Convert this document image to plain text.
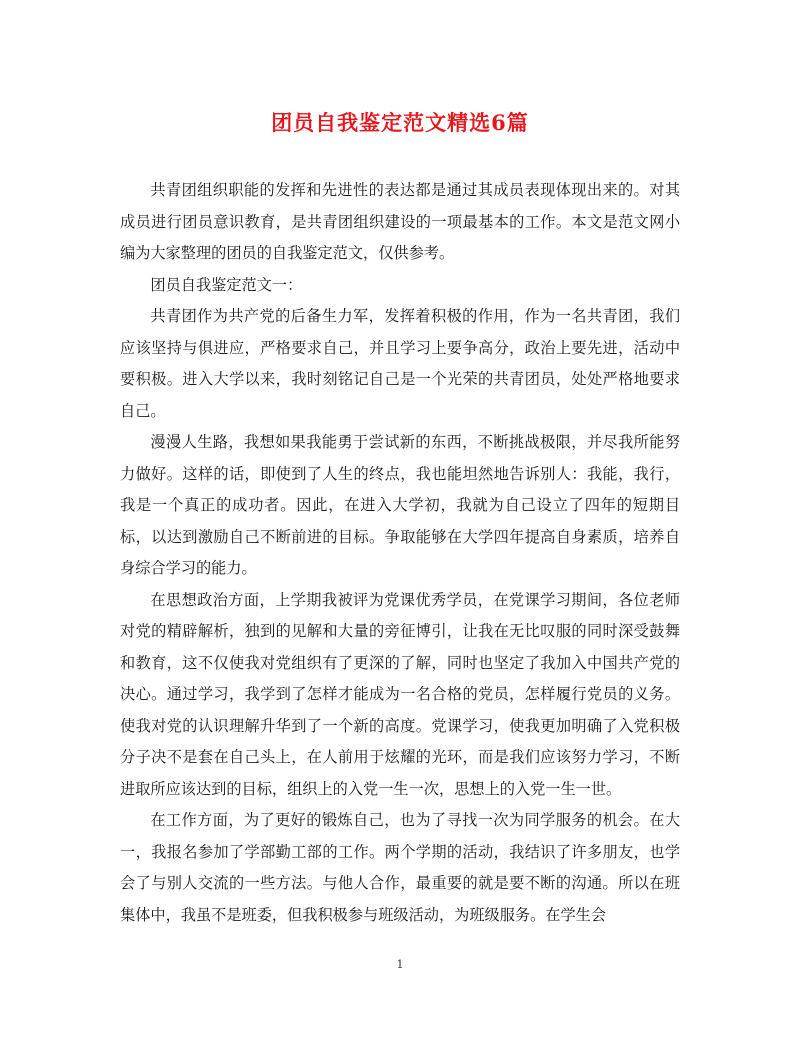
团员自我鉴定范文精选6篇

共青团组织职能的发挥和先进性的表达都是通过其成员表现体现出来的。对其成员进行团员意识教育，是共青团组织建设的一项最基本的工作。本文是范文网小编为大家整理的团员的自我鉴定范文，仅供参考。

团员自我鉴定范文一：

共青团作为共产党的后备生力军，发挥着积极的作用，作为一名共青团，我们应该坚持与俱进应，严格要求自己，并且学习上要争高分，政治上要先进，活动中要积极。进入大学以来，我时刻铭记自己是一个光荣的共青团员，处处严格地要求自己。

漫漫人生路，我想如果我能勇于尝试新的东西，不断挑战极限，并尽我所能努力做好。这样的话，即使到了人生的终点，我也能坦然地告诉别人：我能，我行，我是一个真正的成功者。因此，在进入大学初，我就为自己设立了四年的短期目标，以达到激励自己不断前进的目标。争取能够在大学四年提高自身素质，培养自身综合学习的能力。

在思想政治方面，上学期我被评为党课优秀学员，在党课学习期间，各位老师对党的精辟解析，独到的见解和大量的旁征博引，让我在无比叹服的同时深受鼓舞和教育，这不仅使我对党组织有了更深的了解，同时也坚定了我加入中国共产党的决心。通过学习，我学到了怎样才能成为一名合格的党员，怎样履行党员的义务。使我对党的认识理解升华到了一个新的高度。党课学习，使我更加明确了入党积极分子决不是套在自己头上，在人前用于炫耀的光环，而是我们应该努力学习，不断进取所应该达到的目标，组织上的入党一生一次，思想上的入党一生一世。

在工作方面，为了更好的锻炼自己，也为了寻找一次为同学服务的机会。在大一，我报名参加了学部勤工部的工作。两个学期的活动，我结识了许多朋友，也学会了与别人交流的一些方法。与他人合作，最重要的就是要不断的沟通。所以在班集体中，我虽不是班委，但我积极参与班级活动，为班级服务。在学生会

1
